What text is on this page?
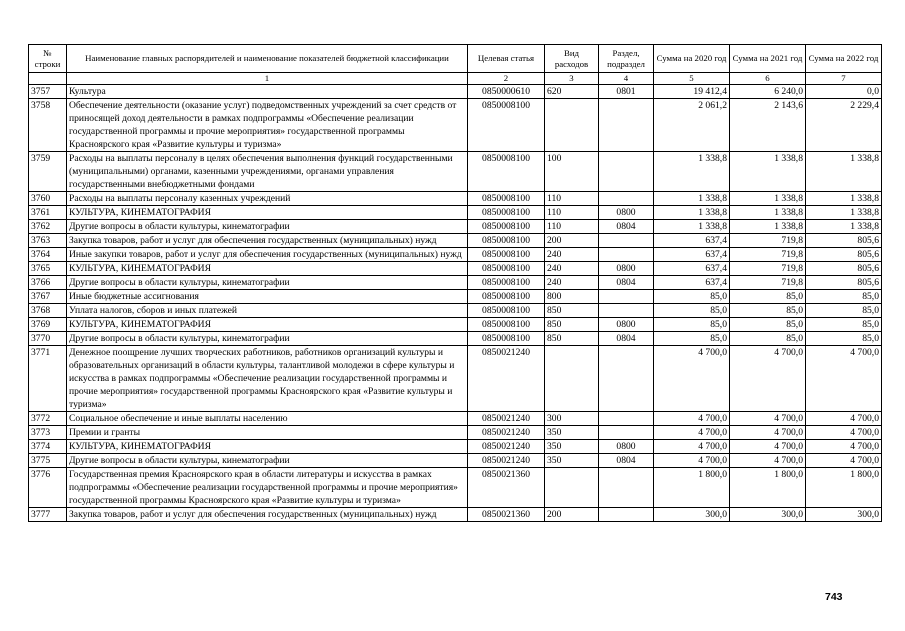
№ строки	Наименование главных распорядителей и наименование показателей бюджетной классификации	Целевая статья	Вид расходов	Раздел, подраздел	Сумма на 2020 год	Сумма на 2021 год	Сумма на 2022 год
	1	2	3	4	5	6	7
3757	Культура	0850000610	620	0801	19 412,4	6 240,0	0,0
3758	Обеспечение деятельности (оказание услуг) подведомственных учреждений за счет средств от приносящей доход деятельности в рамках подпрограммы «Обеспечение реализации государственной программы и прочие мероприятия» государственной программы Красноярского края «Развитие культуры и туризма»	0850008100			2 061,2	2 143,6	2 229,4
3759	Расходы на выплаты персоналу в целях обеспечения выполнения функций государственными (муниципальными) органами, казенными учреждениями, органами управления государственными внебюджетными фондами	0850008100	100		1 338,8	1 338,8	1 338,8
3760	Расходы на выплаты персоналу казенных учреждений	0850008100	110		1 338,8	1 338,8	1 338,8
3761	КУЛЬТУРА, КИНЕМАТОГРАФИЯ	0850008100	110	0800	1 338,8	1 338,8	1 338,8
3762	Другие вопросы в области культуры, кинематографии	0850008100	110	0804	1 338,8	1 338,8	1 338,8
3763	Закупка товаров, работ и услуг для обеспечения государственных (муниципальных) нужд	0850008100	200		637,4	719,8	805,6
3764	Иные закупки товаров, работ и услуг для обеспечения государственных (муниципальных) нужд	0850008100	240		637,4	719,8	805,6
3765	КУЛЬТУРА, КИНЕМАТОГРАФИЯ	0850008100	240	0800	637,4	719,8	805,6
3766	Другие вопросы в области культуры, кинематографии	0850008100	240	0804	637,4	719,8	805,6
3767	Иные бюджетные ассигнования	0850008100	800		85,0	85,0	85,0
3768	Уплата налогов, сборов и иных платежей	0850008100	850		85,0	85,0	85,0
3769	КУЛЬТУРА, КИНЕМАТОГРАФИЯ	0850008100	850	0800	85,0	85,0	85,0
3770	Другие вопросы в области культуры, кинематографии	0850008100	850	0804	85,0	85,0	85,0
3771	Денежное поощрение лучших творческих работников, работников организаций культуры и образовательных организаций в области культуры, талантливой молодежи в сфере культуры и искусства в рамках подпрограммы «Обеспечение реализации государственной программы и прочие мероприятия» государственной программы Красноярского края «Развитие культуры и туризма»	0850021240			4 700,0	4 700,0	4 700,0
3772	Социальное обеспечение и иные выплаты населению	0850021240	300		4 700,0	4 700,0	4 700,0
3773	Премии и гранты	0850021240	350		4 700,0	4 700,0	4 700,0
3774	КУЛЬТУРА, КИНЕМАТОГРАФИЯ	0850021240	350	0800	4 700,0	4 700,0	4 700,0
3775	Другие вопросы в области культуры, кинематографии	0850021240	350	0804	4 700,0	4 700,0	4 700,0
3776	Государственная премия Красноярского края в области литературы и искусства в рамках подпрограммы «Обеспечение реализации государственной программы и прочие мероприятия» государственной программы Красноярского края «Развитие культуры и туризма»	0850021360			1 800,0	1 800,0	1 800,0
3777	Закупка товаров, работ и услуг для обеспечения государственных (муниципальных) нужд	0850021360	200		300,0	300,0	300,0
743
